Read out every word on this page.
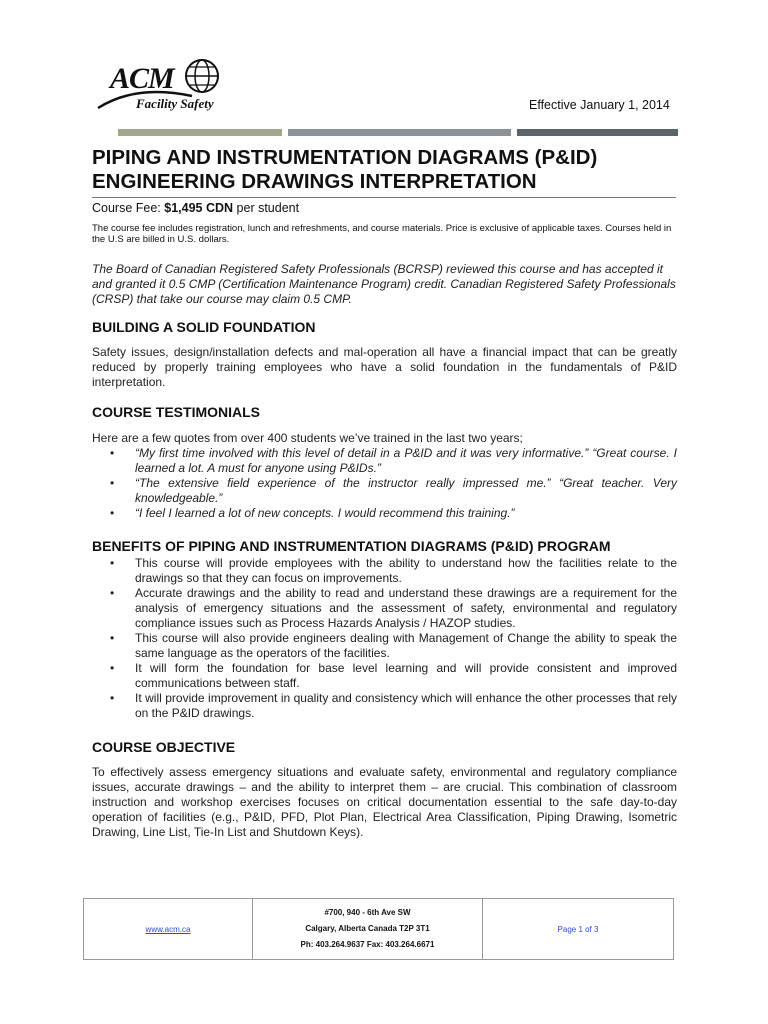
ACM
Facility Safety	Effective January 1, 2014
PIPING AND INSTRUMENTATION DIAGRAMS (P&ID)
ENGINEERING DRAWINGS INTERPRETATION
Course Fee: $1,495 CDN per student
The course fee includes registration, lunch and refreshments, and course materials. Price is exclusive of applicable taxes. Courses held in the U.S are billed in U.S. dollars.
The Board of Canadian Registered Safety Professionals (BCRSP) reviewed this course and has accepted it and granted it 0.5 CMP (Certification Maintenance Program) credit. Canadian Registered Safety Professionals (CRSP) that take our course may claim 0.5 CMP.
BUILDING A SOLID FOUNDATION
Safety issues, design/installation defects and mal-operation all have a financial impact that can be greatly reduced by properly training employees who have a solid foundation in the fundamentals of P&ID interpretation.
COURSE TESTIMONIALS
Here are a few quotes from over 400 students we’ve trained in the last two years;
• “My first time involved with this level of detail in a P&ID and it was very informative.” “Great course. I learned a lot. A must for anyone using P&IDs.”
• “The extensive field experience of the instructor really impressed me.” “Great teacher. Very knowledgeable.”
• “I feel I learned a lot of new concepts. I would recommend this training.”
BENEFITS OF PIPING AND INSTRUMENTATION DIAGRAMS (P&ID) PROGRAM
• This course will provide employees with the ability to understand how the facilities relate to the drawings so that they can focus on improvements.
• Accurate drawings and the ability to read and understand these drawings are a requirement for the analysis of emergency situations and the assessment of safety, environmental and regulatory compliance issues such as Process Hazards Analysis / HAZOP studies.
• This course will also provide engineers dealing with Management of Change the ability to speak the same language as the operators of the facilities.
• It will form the foundation for base level learning and will provide consistent and improved communications between staff.
• It will provide improvement in quality and consistency which will enhance the other processes that rely on the P&ID drawings.
COURSE OBJECTIVE
To effectively assess emergency situations and evaluate safety, environmental and regulatory compliance issues, accurate drawings – and the ability to interpret them – are crucial. This combination of classroom instruction and workshop exercises focuses on critical documentation essential to the safe day-to-day operation of facilities (e.g., P&ID, PFD, Plot Plan, Electrical Area Classification, Piping Drawing, Isometric Drawing, Line List, Tie-In List and Shutdown Keys).
www.acm.ca
#700, 940 - 6th Ave SW
Calgary, Alberta Canada T2P 3T1
Ph: 403.264.9637 Fax: 403.264.6671
Page 1 of 3
